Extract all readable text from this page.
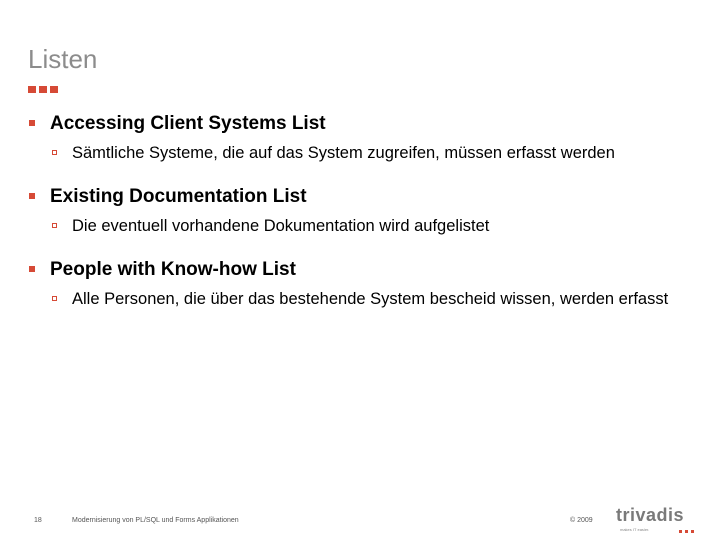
Listen
Accessing Client Systems List
Sämtliche Systeme, die auf das System zugreifen, müssen erfasst werden
Existing Documentation List
Die eventuell vorhandene Dokumentation wird aufgelistet
People with Know-how List
Alle Personen, die über das bestehende System bescheid wissen, werden erfasst
18	Modernisierung von PL/SQL und Forms Applikationen	© 2009 trivadis
makes IT easier.
